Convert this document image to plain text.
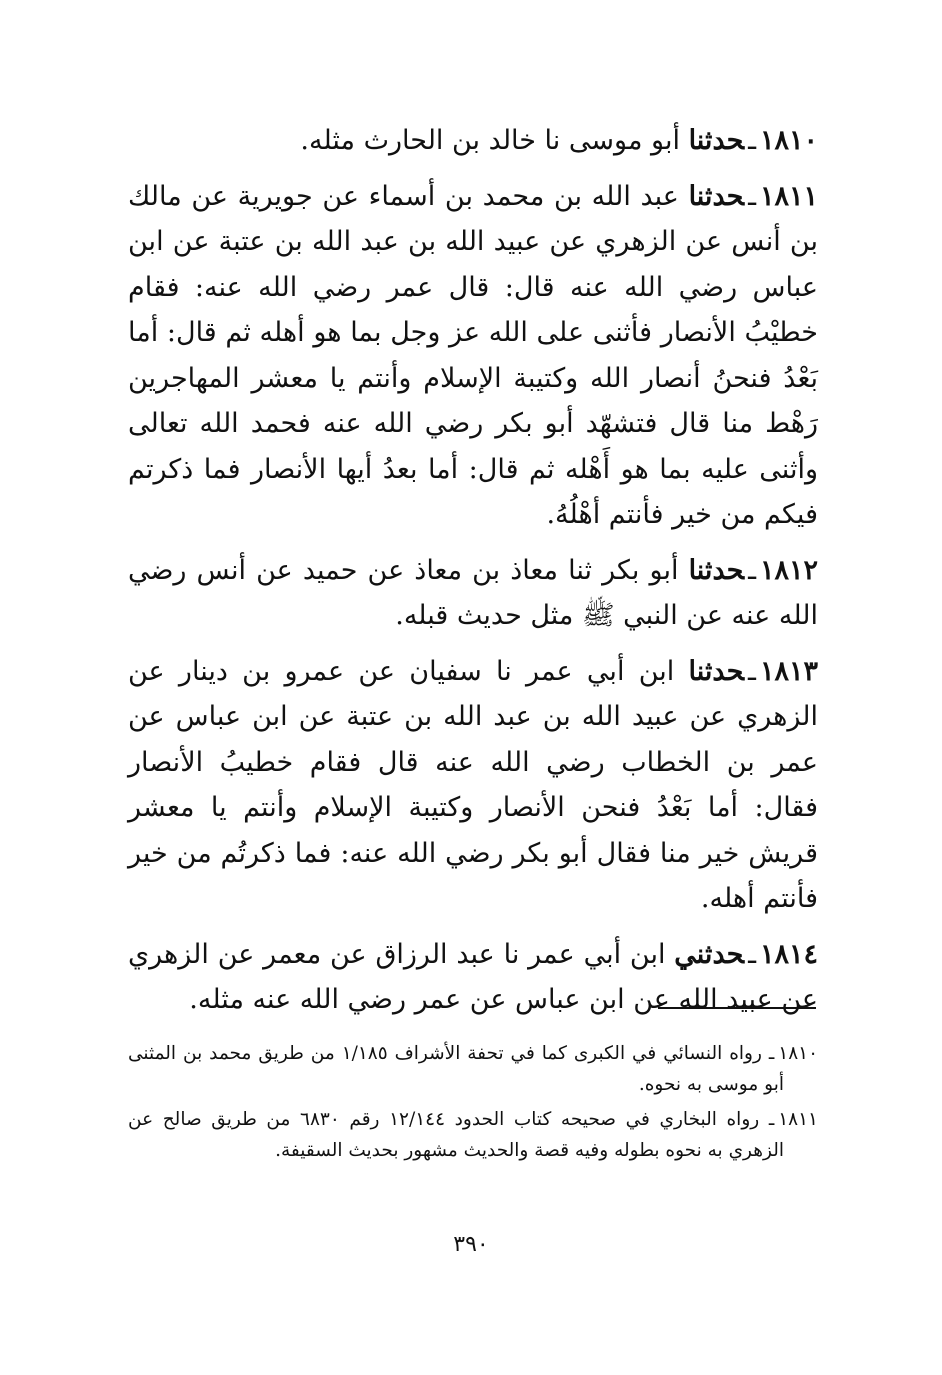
١٨١٠ـحدثنا أبو موسى نا خالد بن الحارث مثله.

١٨١١ـحدثنا عبد الله بن محمد بن أسماء عن جويرية عن مالك بن أنس عن الزهري عن عبيد الله بن عبد الله بن عتبة عن ابن عباس رضي الله عنه قال: قال عمر رضي الله عنه: فقام خطيْبُ الأنصار فأثنى على الله عز وجل بما هو أهله ثم قال: أما بَعْدُ فنحنُ أنصار الله وكتيبة الإسلام وأنتم يا معشر المهاجرين رَهْط منا قال فتشهّد أبو بكر رضي الله عنه فحمد الله تعالى وأثنى عليه بما هو أَهْله ثم قال: أما بعدُ أيها الأنصار فما ذكرتم فيكم من خير فأنتم أهْلُهُ.

١٨١٢ـحدثنا أبو بكر ثنا معاذ بن معاذ عن حميد عن أنس رضي الله عنه عن النبي ﷺ مثل حديث قبله.

١٨١٣ـحدثنا ابن أبي عمر نا سفيان عن عمرو بن دينار عن الزهري عن عبيد الله بن عبد الله بن عتبة عن ابن عباس عن عمر بن الخطاب رضي الله عنه قال فقام خطيبُ الأنصار فقال: أما بَعْدُ فنحن الأنصار وكتيبة الإسلام وأنتم يا معشر قريش خير منا فقال أبو بكر رضي الله عنه: فما ذكرتُم من خير فأنتم أهله.

١٨١٤ـحدثني ابن أبي عمر نا عبد الرزاق عن معمر عن الزهري عن عبيد الله عن ابن عباس عن عمر رضي الله عنه مثله.

١٨١٠ـ رواه النسائي في الكبرى كما في تحفة الأشراف ١/١٨٥ من طريق محمد بن المثنى أبو موسى به نحوه.

١٨١١ـ رواه البخاري في صحيحه كتاب الحدود ١٢/١٤٤ رقم ٦٨٣٠ من طريق صالح عن الزهري به نحوه بطوله وفيه قصة والحديث مشهور بحديث السقيفة.

٣٩٠
